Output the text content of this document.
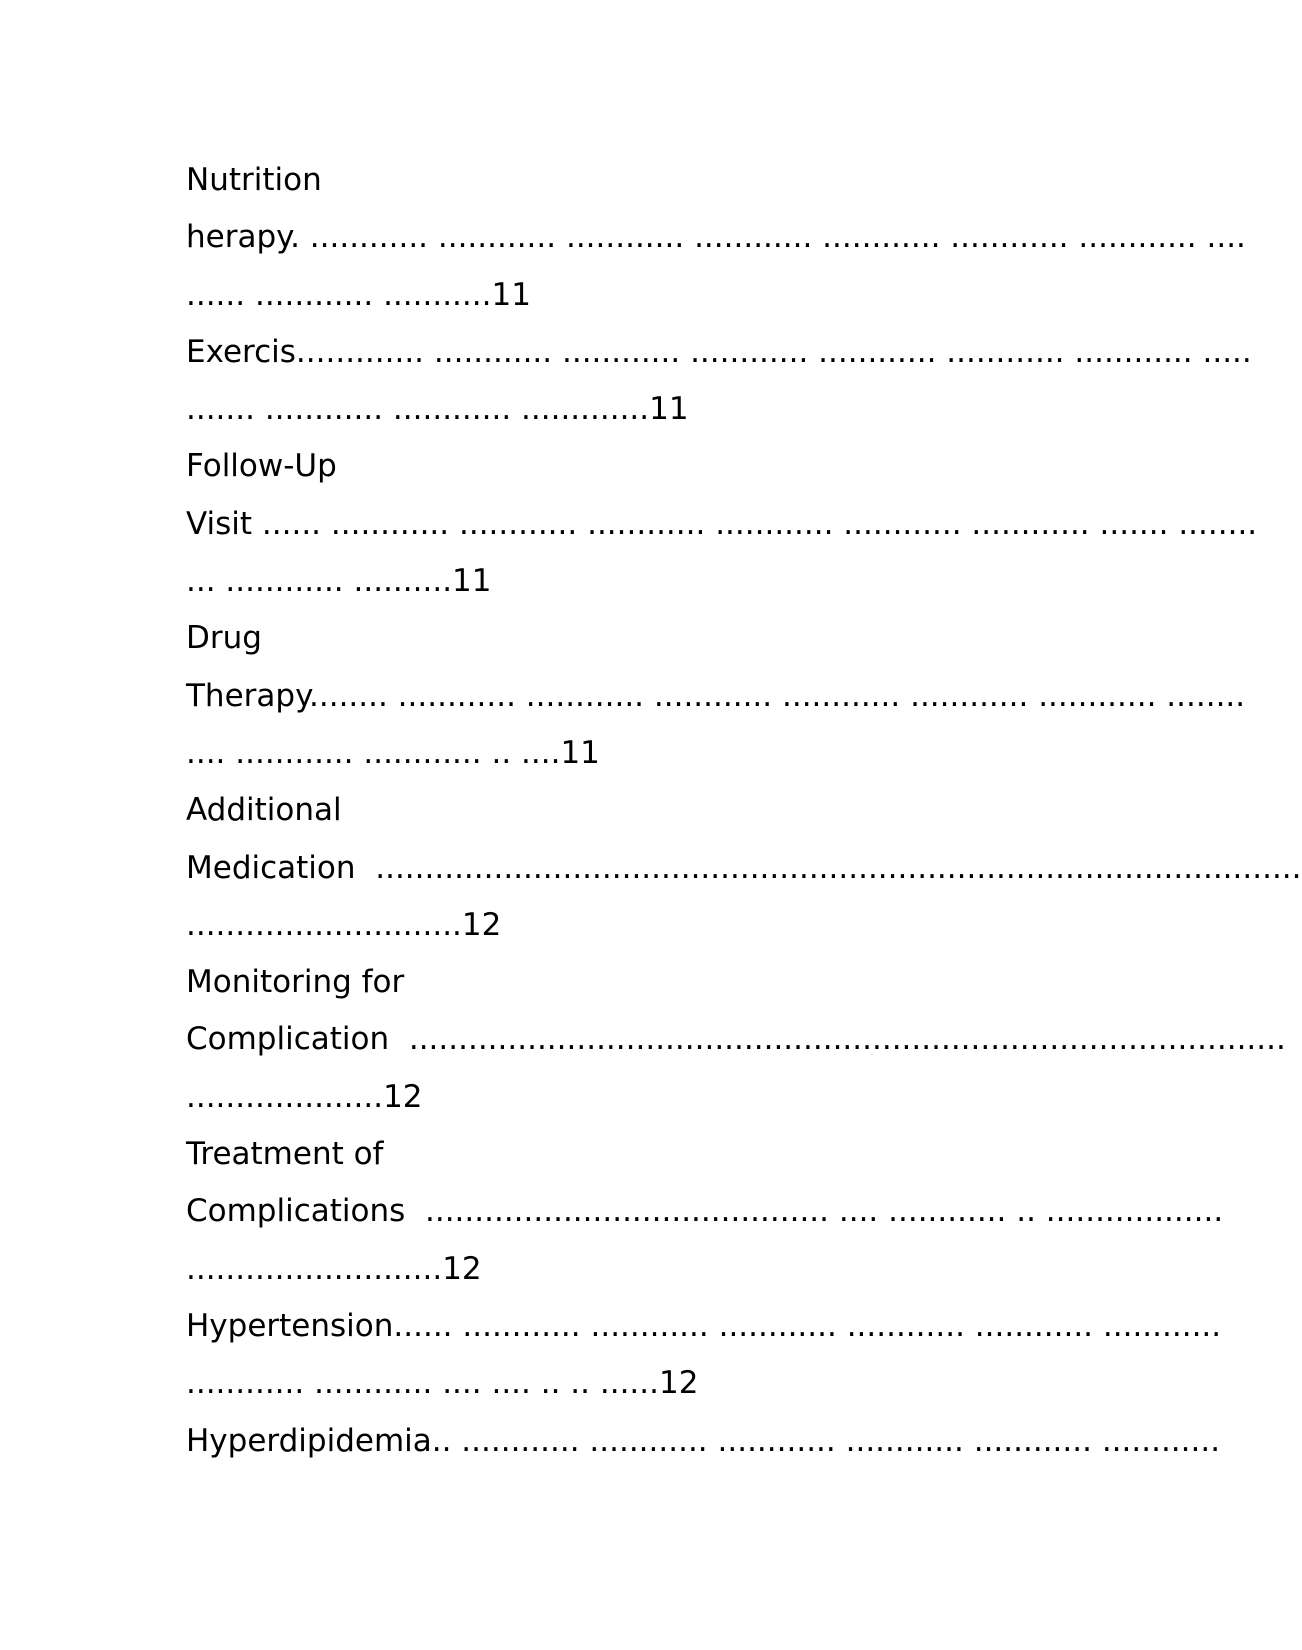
Nutrition
herapy. ............ ............ ............ ............ ............ ............ ............ ....
...... ............ ...........11
Exercis............. ............ ............ ............ ............ ............ ............ .....
....... ............ ............ .............11
Follow-Up
Visit ...... ............ ............ ............ ............ ............ ............ ....... ........
... ............ ..........11
Drug
Therapy........ ............ ............ ............ ............ ............ ............ ........
.... ............ ............ .. ....11
Additional
Medication  ..............................................................................................
............................12
Monitoring for
Complication  .........................................................................................
....................12
Treatment of
Complications  ......................................... .... ............ .. ..................
..........................12
Hypertension...... ............ ............ ............ ............ ............ ............
............ ............ .... .... .. .. ......12
Hyperdipidemia.. ............ ............ ............ ............ ............ ............
